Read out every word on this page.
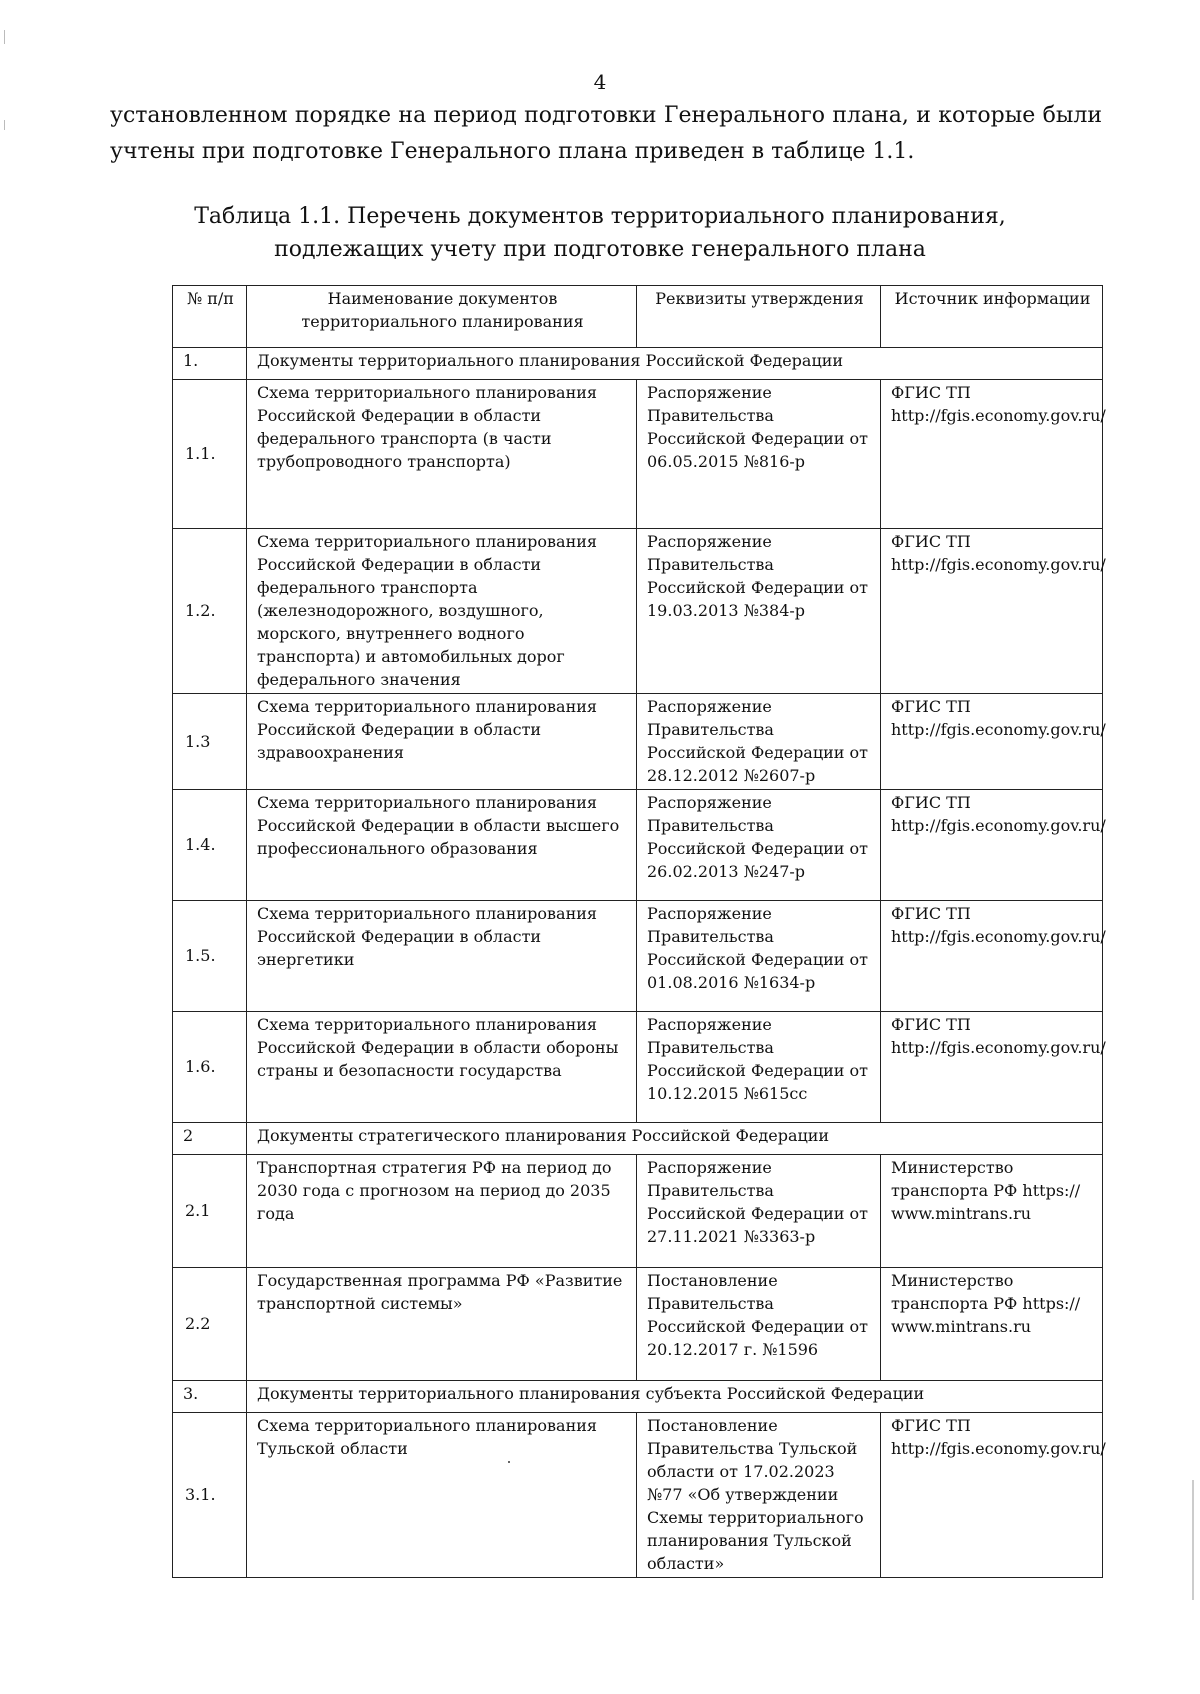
4
установленном порядке на период подготовки Генерального плана, и которые были учтены при подготовке Генерального плана приведен в таблице 1.1.
Таблица 1.1. Перечень документов территориального планирования,
подлежащих учету при подготовке генерального плана
№ п/п	Наименование документов территориального планирования	Реквизиты утверждения	Источник информации
1.	Документы территориального планирования Российской Федерации		
1.1.	Схема территориального планирования Российской Федерации в области федерального транспорта (в части трубопроводного транспорта)	Распоряжение Правительства Российской Федерации от 06.05.2015 №816-р	ФГИС ТП http://fgis.economy.gov.ru/
1.2.	Схема территориального планирования Российской Федерации в области федерального транспорта (железнодорожного, воздушного, морского, внутреннего водного транспорта) и автомобильных дорог федерального значения	Распоряжение Правительства Российской Федерации от 19.03.2013 №384-р	ФГИС ТП http://fgis.economy.gov.ru/
1.3	Схема территориального планирования Российской Федерации в области здравоохранения	Распоряжение Правительства Российской Федерации от 28.12.2012 №2607-р	ФГИС ТП http://fgis.economy.gov.ru/
1.4.	Схема территориального планирования Российской Федерации в области высшего профессионального образования	Распоряжение Правительства Российской Федерации от 26.02.2013 №247-р	ФГИС ТП http://fgis.economy.gov.ru/
1.5.	Схема территориального планирования Российской Федерации в области энергетики	Распоряжение Правительства Российской Федерации от 01.08.2016 №1634-р	ФГИС ТП http://fgis.economy.gov.ru/
1.6.	Схема территориального планирования Российской Федерации в области обороны страны и безопасности государства	Распоряжение Правительства Российской Федерации от 10.12.2015 №615сс	ФГИС ТП http://fgis.economy.gov.ru/
2	Документы стратегического планирования Российской Федерации		
2.1	Транспортная стратегия РФ на период до 2030 года с прогнозом на период до 2035 года	Распоряжение Правительства Российской Федерации от 27.11.2021 №3363-р	Министерство транспорта РФ https:// www.mintrans.ru
2.2	Государственная программа РФ «Развитие транспортной системы»	Постановление Правительства Российской Федерации от 20.12.2017 г. №1596	Министерство транспорта РФ https:// www.mintrans.ru
3.	Документы территориального планирования субъекта Российской Федерации		
3.1.	Схема территориального планирования Тульской области	Постановление Правительства Тульской области от 17.02.2023 №77 «Об утверждении Схемы территориального планирования Тульской области»	ФГИС ТП http://fgis.economy.gov.ru/
